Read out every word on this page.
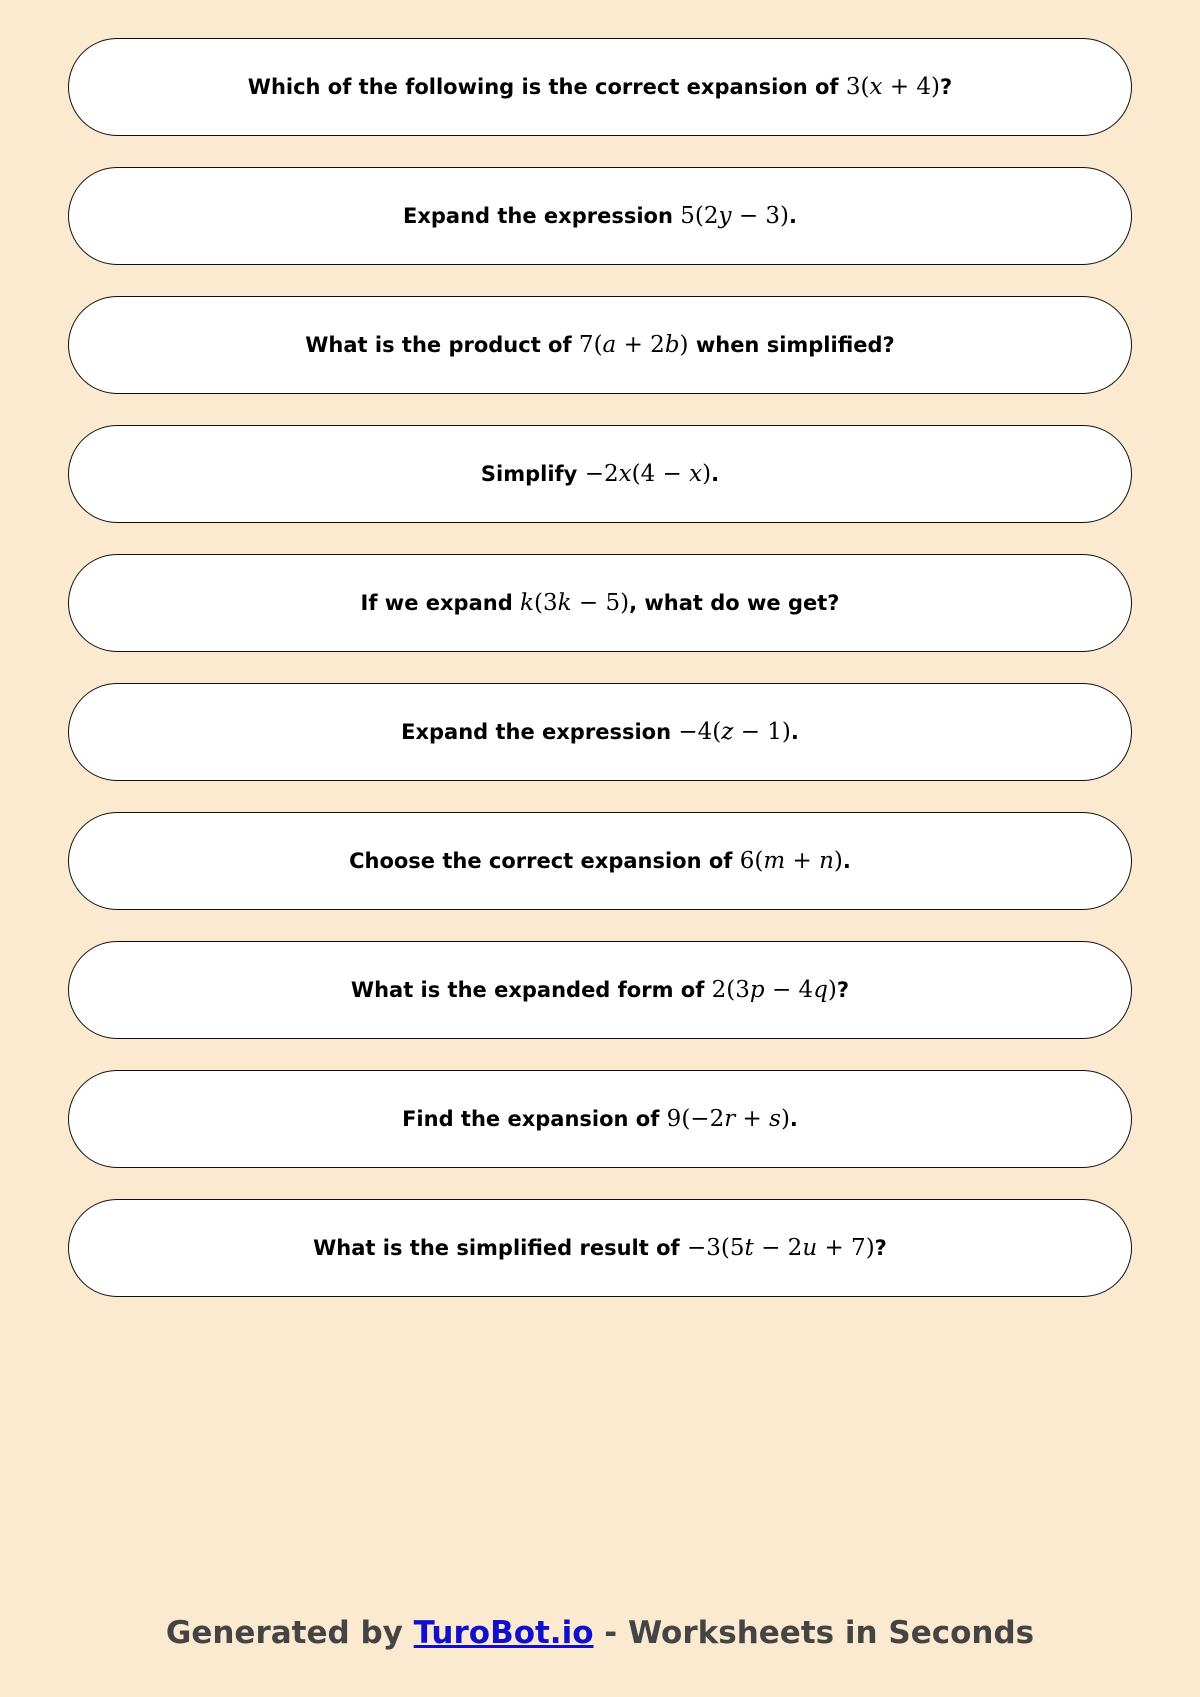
Which of the following is the correct expansion of 3(x + 4)?
Expand the expression 5(2y − 3).
What is the product of 7(a + 2b) when simplified?
Simplify −2x(4 − x).
If we expand k(3k − 5), what do we get?
Expand the expression −4(z − 1).
Choose the correct expansion of 6(m + n).
What is the expanded form of 2(3p − 4q)?
Find the expansion of 9(−2r + s).
What is the simplified result of −3(5t − 2u + 7)?
Generated by TuroBot.io - Worksheets in Seconds
